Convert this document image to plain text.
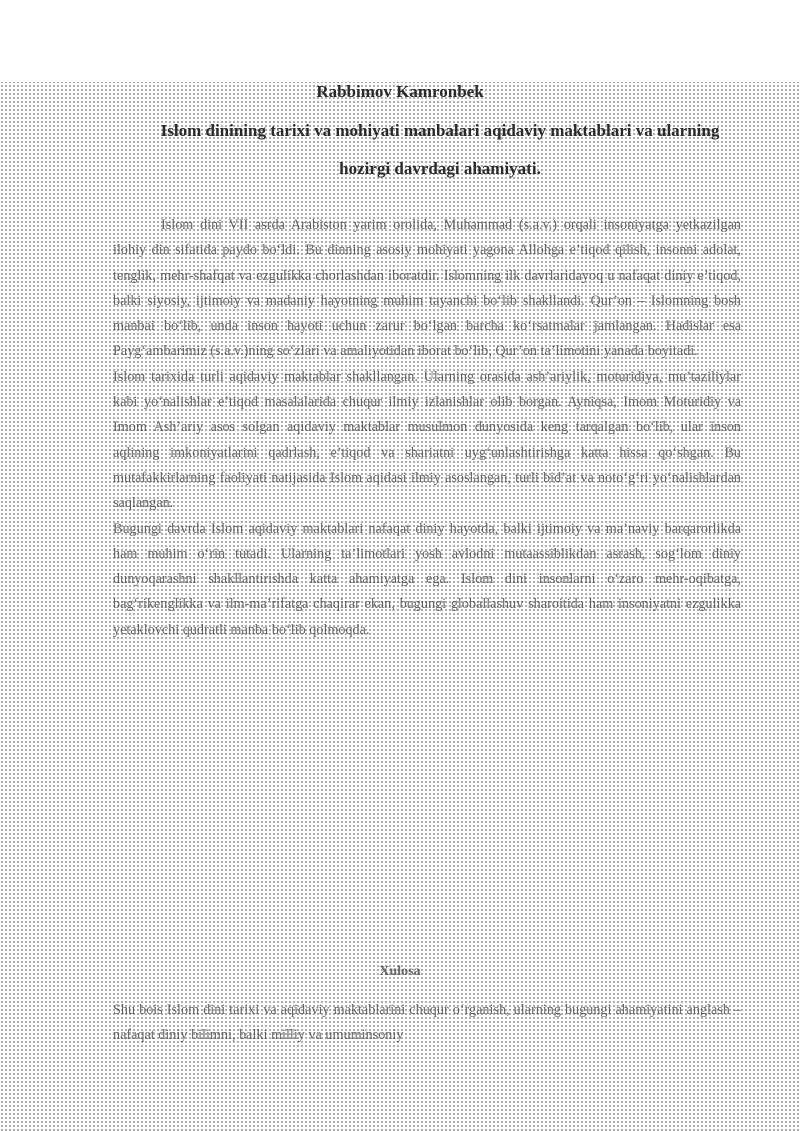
Rabbimov Kamronbek
Islom dinining tarixi va mohiyati manbalari aqidaviy maktablari va ularning hozirgi davrdagi ahamiyati.

Islom dini VII asrda Arabiston yarim orolida, Muhammad (s.a.v.) orqali insoniyatga yetkazilgan ilohiy din sifatida paydo bo‘ldi. Bu dinning asosiy mohiyati yagona Allohga e’tiqod qilish, insonni adolat, tenglik, mehr-shafqat va ezgulikka chorlashdan iboratdir. Islomning ilk davrlaridayoq u nafaqat diniy e’tiqod, balki siyosiy, ijtimoiy va madaniy hayotning muhim tayanchi bo‘lib shakllandi. Qur’on – Islomning bosh manbai bo‘lib, unda inson hayoti uchun zarur bo‘lgan barcha ko‘rsatmalar jamlangan. Hadislar esa Payg‘ambarimiz (s.a.v.)ning so‘zlari va amaliyotidan iborat bo‘lib, Qur’on ta’limotini yanada boyitadi.

Islom tarixida turli aqidaviy maktablar shakllangan. Ularning orasida ash’ariylik, moturidiya, mu’taziliylar kabi yo‘nalishlar e’tiqod masalalarida chuqur ilmiy izlanishlar olib borgan. Ayniqsa, Imom Moturidiy va Imom Ash’ariy asos solgan aqidaviy maktablar musulmon dunyosida keng tarqalgan bo‘lib, ular inson aqlining imkoniyatlarini qadrlash, e’tiqod va shariatni uyg‘unlashtirishga katta hissa qo‘shgan. Bu mutafakkirlarning faoliyati natijasida Islom aqidasi ilmiy asoslangan, turli bid’at va noto‘g‘ri yo‘nalishlardan saqlangan.

Bugungi davrda Islom aqidaviy maktablari nafaqat diniy hayotda, balki ijtimoiy va ma’naviy barqarorlikda ham muhim o‘rin tutadi. Ularning ta’limotlari yosh avlodni mutaassiblikdan asrash, sog‘lom diniy dunyoqarashni shakllantirishda katta ahamiyatga ega. Islom dini insonlarni o‘zaro mehr-oqibatga, bag‘rikenglikka va ilm-ma’rifatga chaqirar ekan, bugungi globallashuv sharoitida ham insoniyatni ezgulikka yetaklovchi qudratli manba bo‘lib qolmoqda.

Xulosa

Shu bois Islom dini tarixi va aqidaviy maktablarini chuqur o‘rganish, ularning bugungi ahamiyatini anglash – nafaqat diniy bilimni, balki milliy va umuminsoniy
